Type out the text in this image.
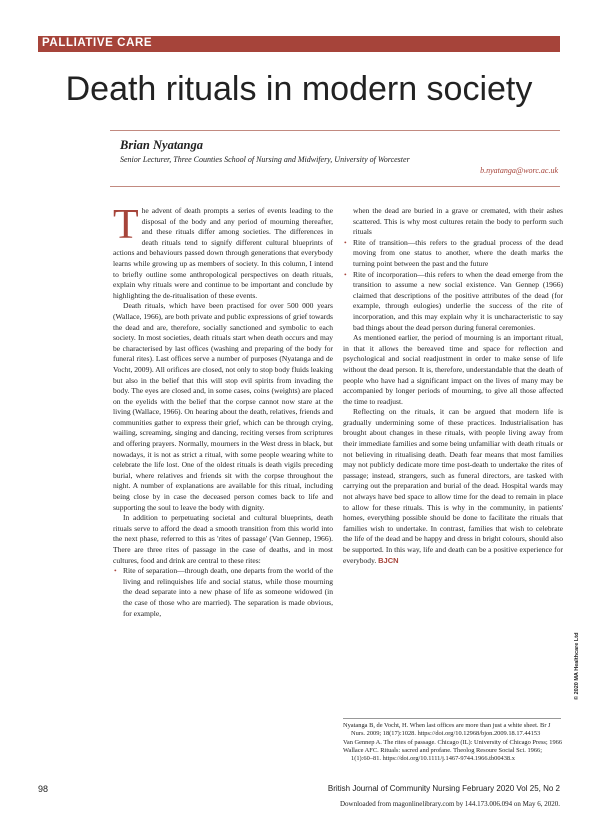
PALLIATIVE CARE
Death rituals in modern society
Brian Nyatanga
Senior Lecturer, Three Counties School of Nursing and Midwifery, University of Worcester
b.nyatanga@worc.ac.uk

The advent of death prompts a series of events leading to the disposal of the body and any period of mourning thereafter, and these rituals differ among societies. The differences in death rituals tend to signify different cultural blueprints of actions and behaviours passed down through generations that everybody learns while growing up as members of society. In this column, I intend to briefly outline some anthropological perspectives on death rituals, explain why rituals were and continue to be important and conclude by highlighting the de-ritualisation of these events.

Death rituals, which have been practised for over 500 000 years (Wallace, 1966), are both private and public expressions of grief towards the dead and are, therefore, socially sanctioned and symbolic to each society. In most societies, death rituals start when death occurs and may be characterised by last offices (washing and preparing of the body for funeral rites). Last offices serve a number of purposes (Nyatanga and de Vocht, 2009). All orifices are closed, not only to stop body fluids leaking but also in the belief that this will stop evil spirits from invading the body. The eyes are closed and, in some cases, coins (weights) are placed on the eyelids with the belief that the corpse cannot now stare at the living (Wallace, 1966). On hearing about the death, relatives, friends and communities gather to express their grief, which can be through crying, wailing, screaming, singing and dancing, reciting verses from scriptures and offering prayers. Normally, mourners in the West dress in black, but nowadays, it is not as strict a ritual, with some people wearing white to celebrate the life lost. One of the oldest rituals is death vigils preceding burial, where relatives and friends sit with the corpse throughout the night. A number of explanations are available for this ritual, including being close by in case the deceased person comes back to life and supporting the soul to leave the body with dignity.

In addition to perpetuating societal and cultural blueprints, death rituals serve to afford the dead a smooth transition from this world into the next phase, referred to this as 'rites of passage' (Van Gennep, 1966). There are three rites of passage in the case of deaths, and in most cultures, food and drink are central to these rites:

• Rite of separation—through death, one departs from the world of the living and relinquishes life and social status, while those mourning the dead separate into a new phase of life as someone widowed (in the case of those who are married). The separation is made obvious, for example,
when the dead are buried in a grave or cremated, with their ashes scattered. This is why most cultures retain the body to perform such rituals
• Rite of transition—this refers to the gradual process of the dead moving from one status to another, where the death marks the turning point between the past and the future
• Rite of incorporation—this refers to when the dead emerge from the transition to assume a new social existence. Van Gennep (1966) claimed that descriptions of the positive attributes of the dead (for example, through eulogies) underlie the success of the rite of incorporation, and this may explain why it is uncharacteristic to say bad things about the dead person during funeral ceremonies.

As mentioned earlier, the period of mourning is an important ritual, in that it allows the bereaved time and space for reflection and psychological and social readjustment in order to make sense of life without the dead person. It is, therefore, understandable that the death of people who have had a significant impact on the lives of many may be accompanied by longer periods of mourning, to give all those affected the time to readjust.

Reflecting on the rituals, it can be argued that modern life is gradually undermining some of these practices. Industrialisation has brought about changes in these rituals, with people living away from their immediate families and some being unfamiliar with death rituals or not believing in ritualising death. Death fear means that most families may not publicly dedicate more time post-death to undertake the rites of passage; instead, strangers, such as funeral directors, are tasked with carrying out the preparation and burial of the dead. Hospital wards may not always have bed space to allow time for the dead to remain in place to allow for these rituals. This is why in the community, in patients' homes, everything possible should be done to facilitate the rituals that families wish to undertake. In contrast, families that wish to celebrate the life of the dead and be happy and dress in bright colours, should also be supported. In this way, life and death can be a positive experience for everybody. BJCN

Nyatanga B, de Vocht, H. When last offices are more than just a white sheet. Br J Nurs. 2009; 18(17):1028. https://doi.org/10.12968/bjon.2009.18.17.44153

Van Gennep A. The rites of passage. Chicago (IL): University of Chicago Press; 1966

Wallace AFC. Rituals: sacred and profane. Theolog Resoure Social Sci. 1966; 1(1):60–81. https://doi.org/10.1111/j.1467-9744.1966.tb00438.x

© 2020 MA Healthcare Ltd
98	British Journal of Community Nursing February 2020 Vol 25, No 2
Downloaded from magonlinelibrary.com by 144.173.006.094 on May 6, 2020.
